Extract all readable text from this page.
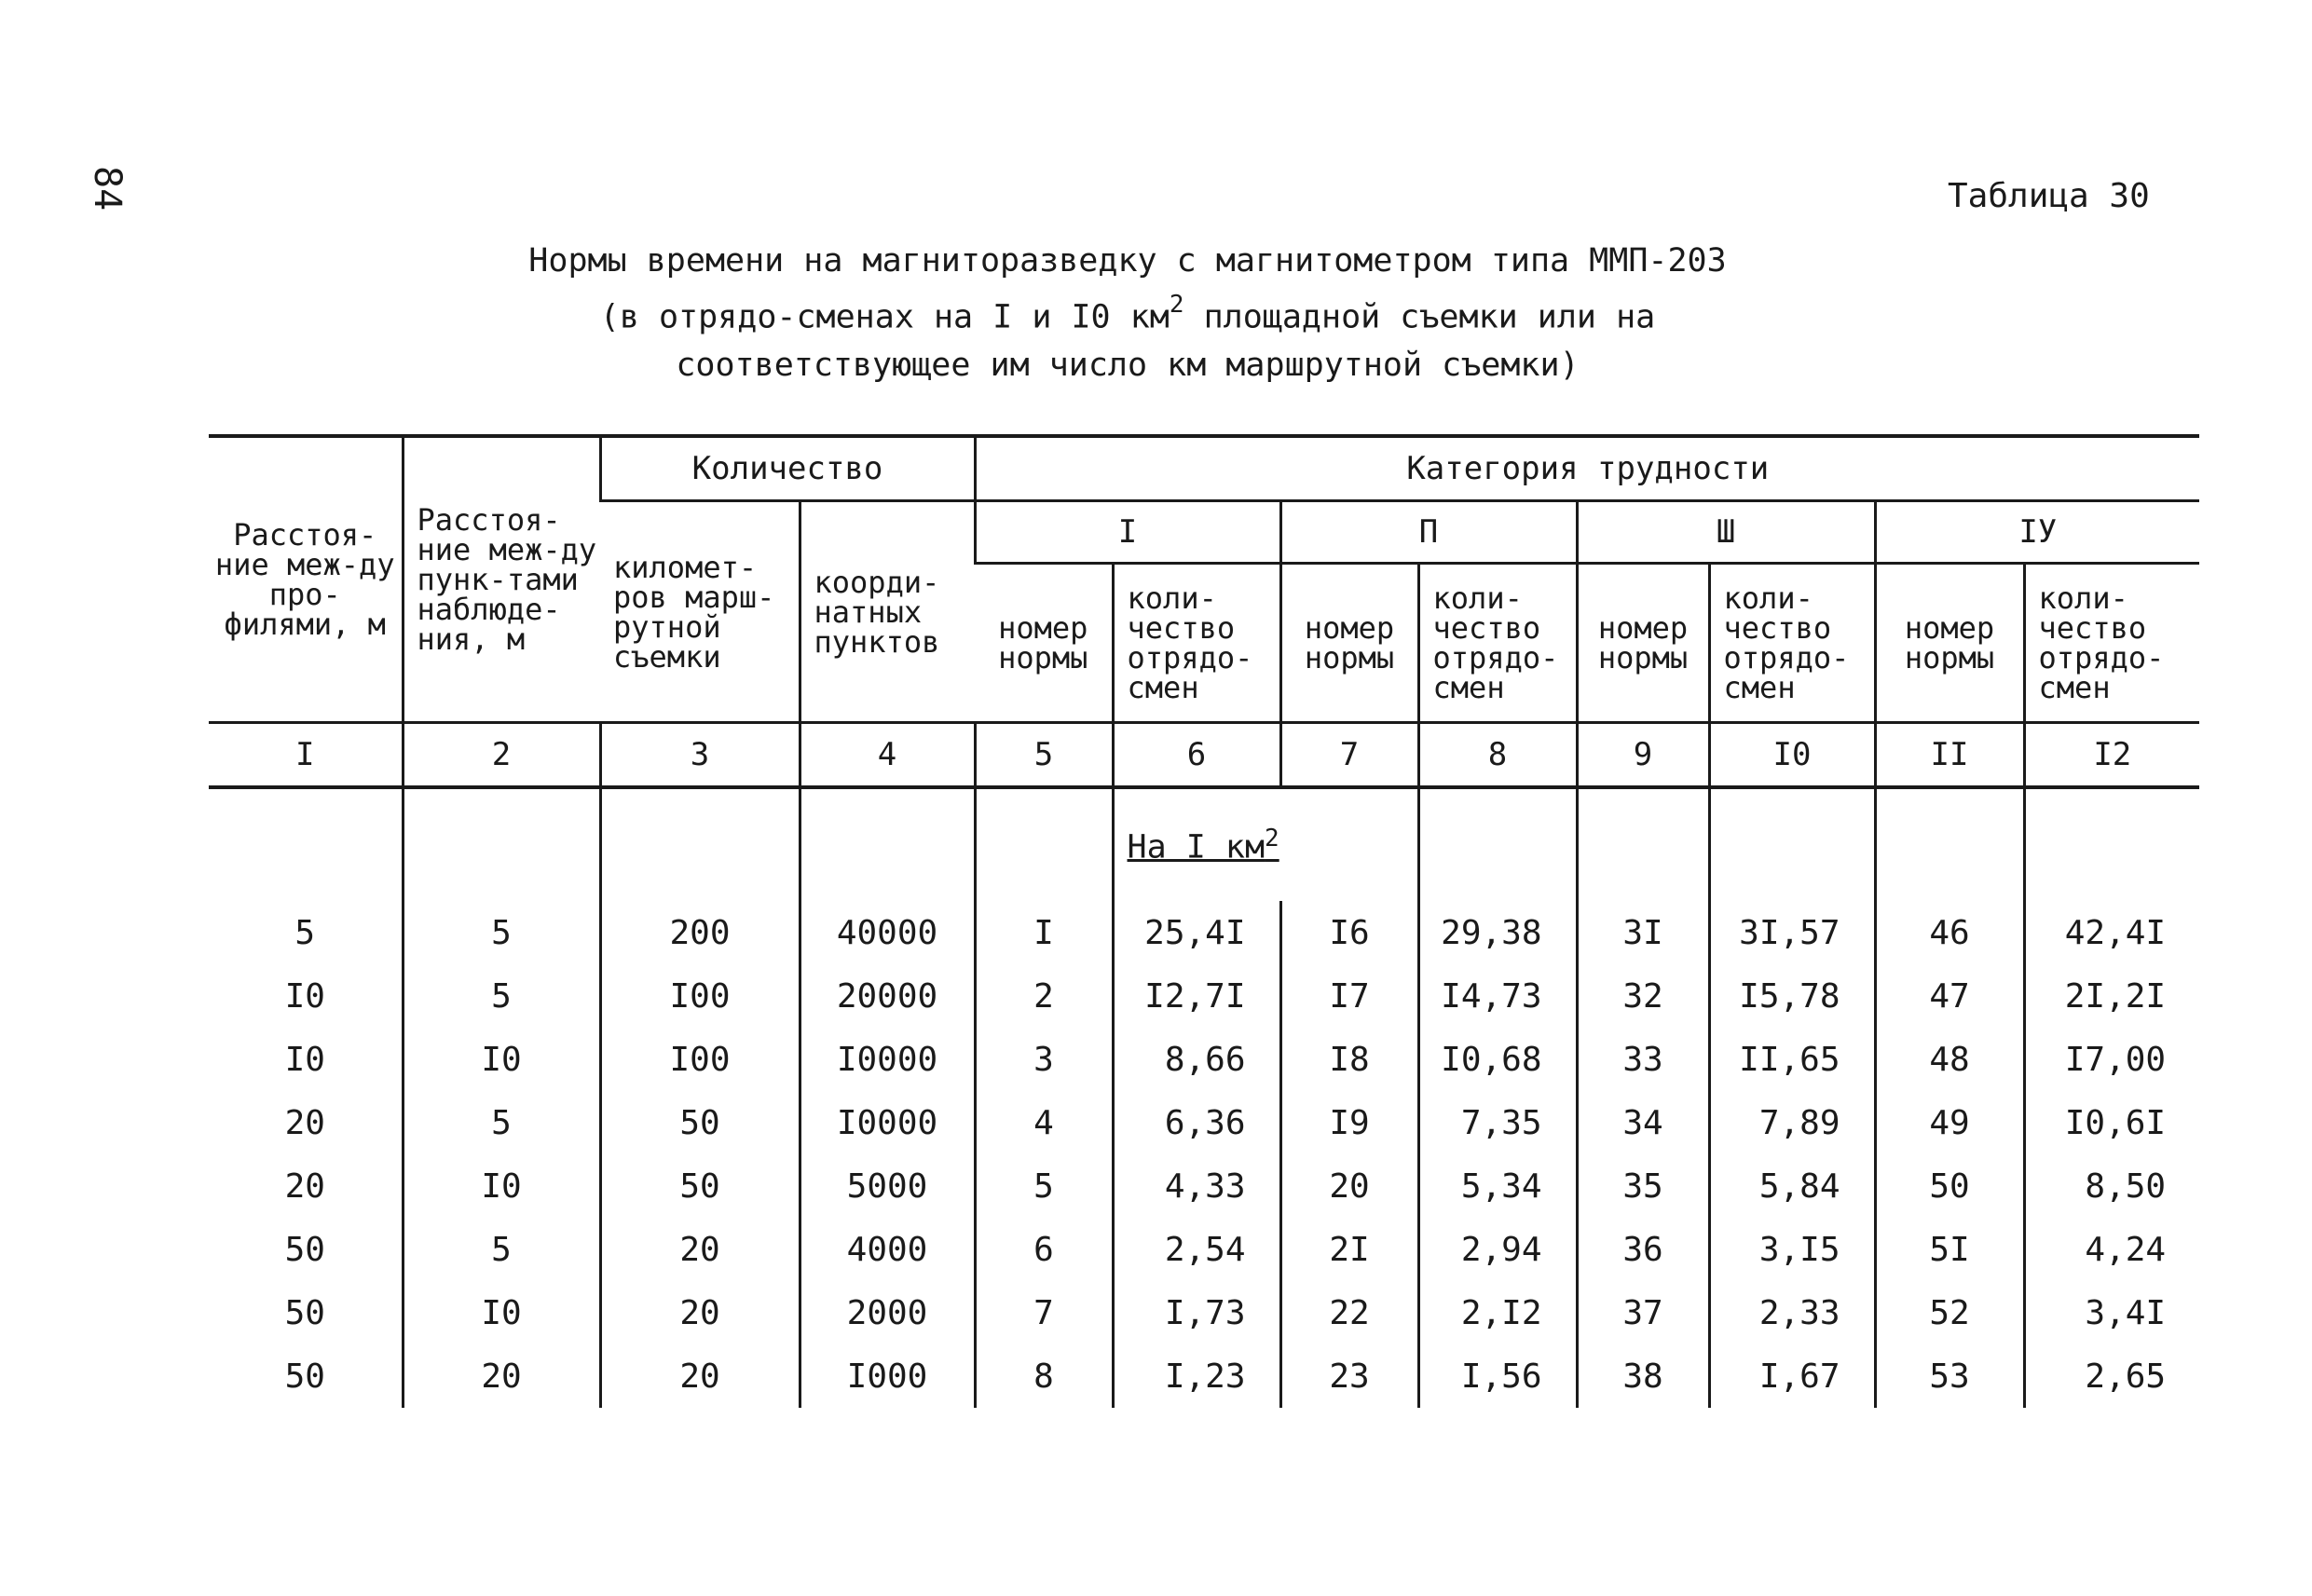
84	Таблица 30
Нормы времени на магниторазведку с магнитометром типа ММП-203
(в отрядо-сменах на I и I0 $км^2$ площадной съемки или на
соответствующее им число км маршрутной съемки)
Расстоя-ние меж-ду про-филями, м	Расстоя-ние меж-ду пунк-тами наблюде-ния, м	Количество		Категория трудности							
		километ-ров марш-рутной съемки	коорди-натных пунктов	I		П		Ш		IУ	
				номер нормы	коли-чество отрядо-смен	номер нормы	коли-чество отрядо-смен	номер нормы	коли-чество отрядо-смен	номер нормы	коли-чество отрядо-смен
I	2	3	4	5	6	7	8	9	I0	II	I2
					На I $км^2$					
5	5	200	40000	I	25,4I	I6	29,38	3I	3I,57	46	42,4I
I0	5	I00	20000	2	I2,7I	I7	I4,73	32	I5,78	47	2I,2I
I0	I0	I00	I0000	3	8,66	I8	I0,68	33	II,65	48	I7,00
20	5	50	I0000	4	6,36	I9	7,35	34	7,89	49	I0,6I
20	I0	50	5000	5	4,33	20	5,34	35	5,84	50	8,50
50	5	20	4000	6	2,54	2I	2,94	36	3,I5	5I	4,24
50	I0	20	2000	7	I,73	22	2,I2	37	2,33	52	3,4I
50	20	20	I000	8	I,23	23	I,56	38	I,67	53	2,65
